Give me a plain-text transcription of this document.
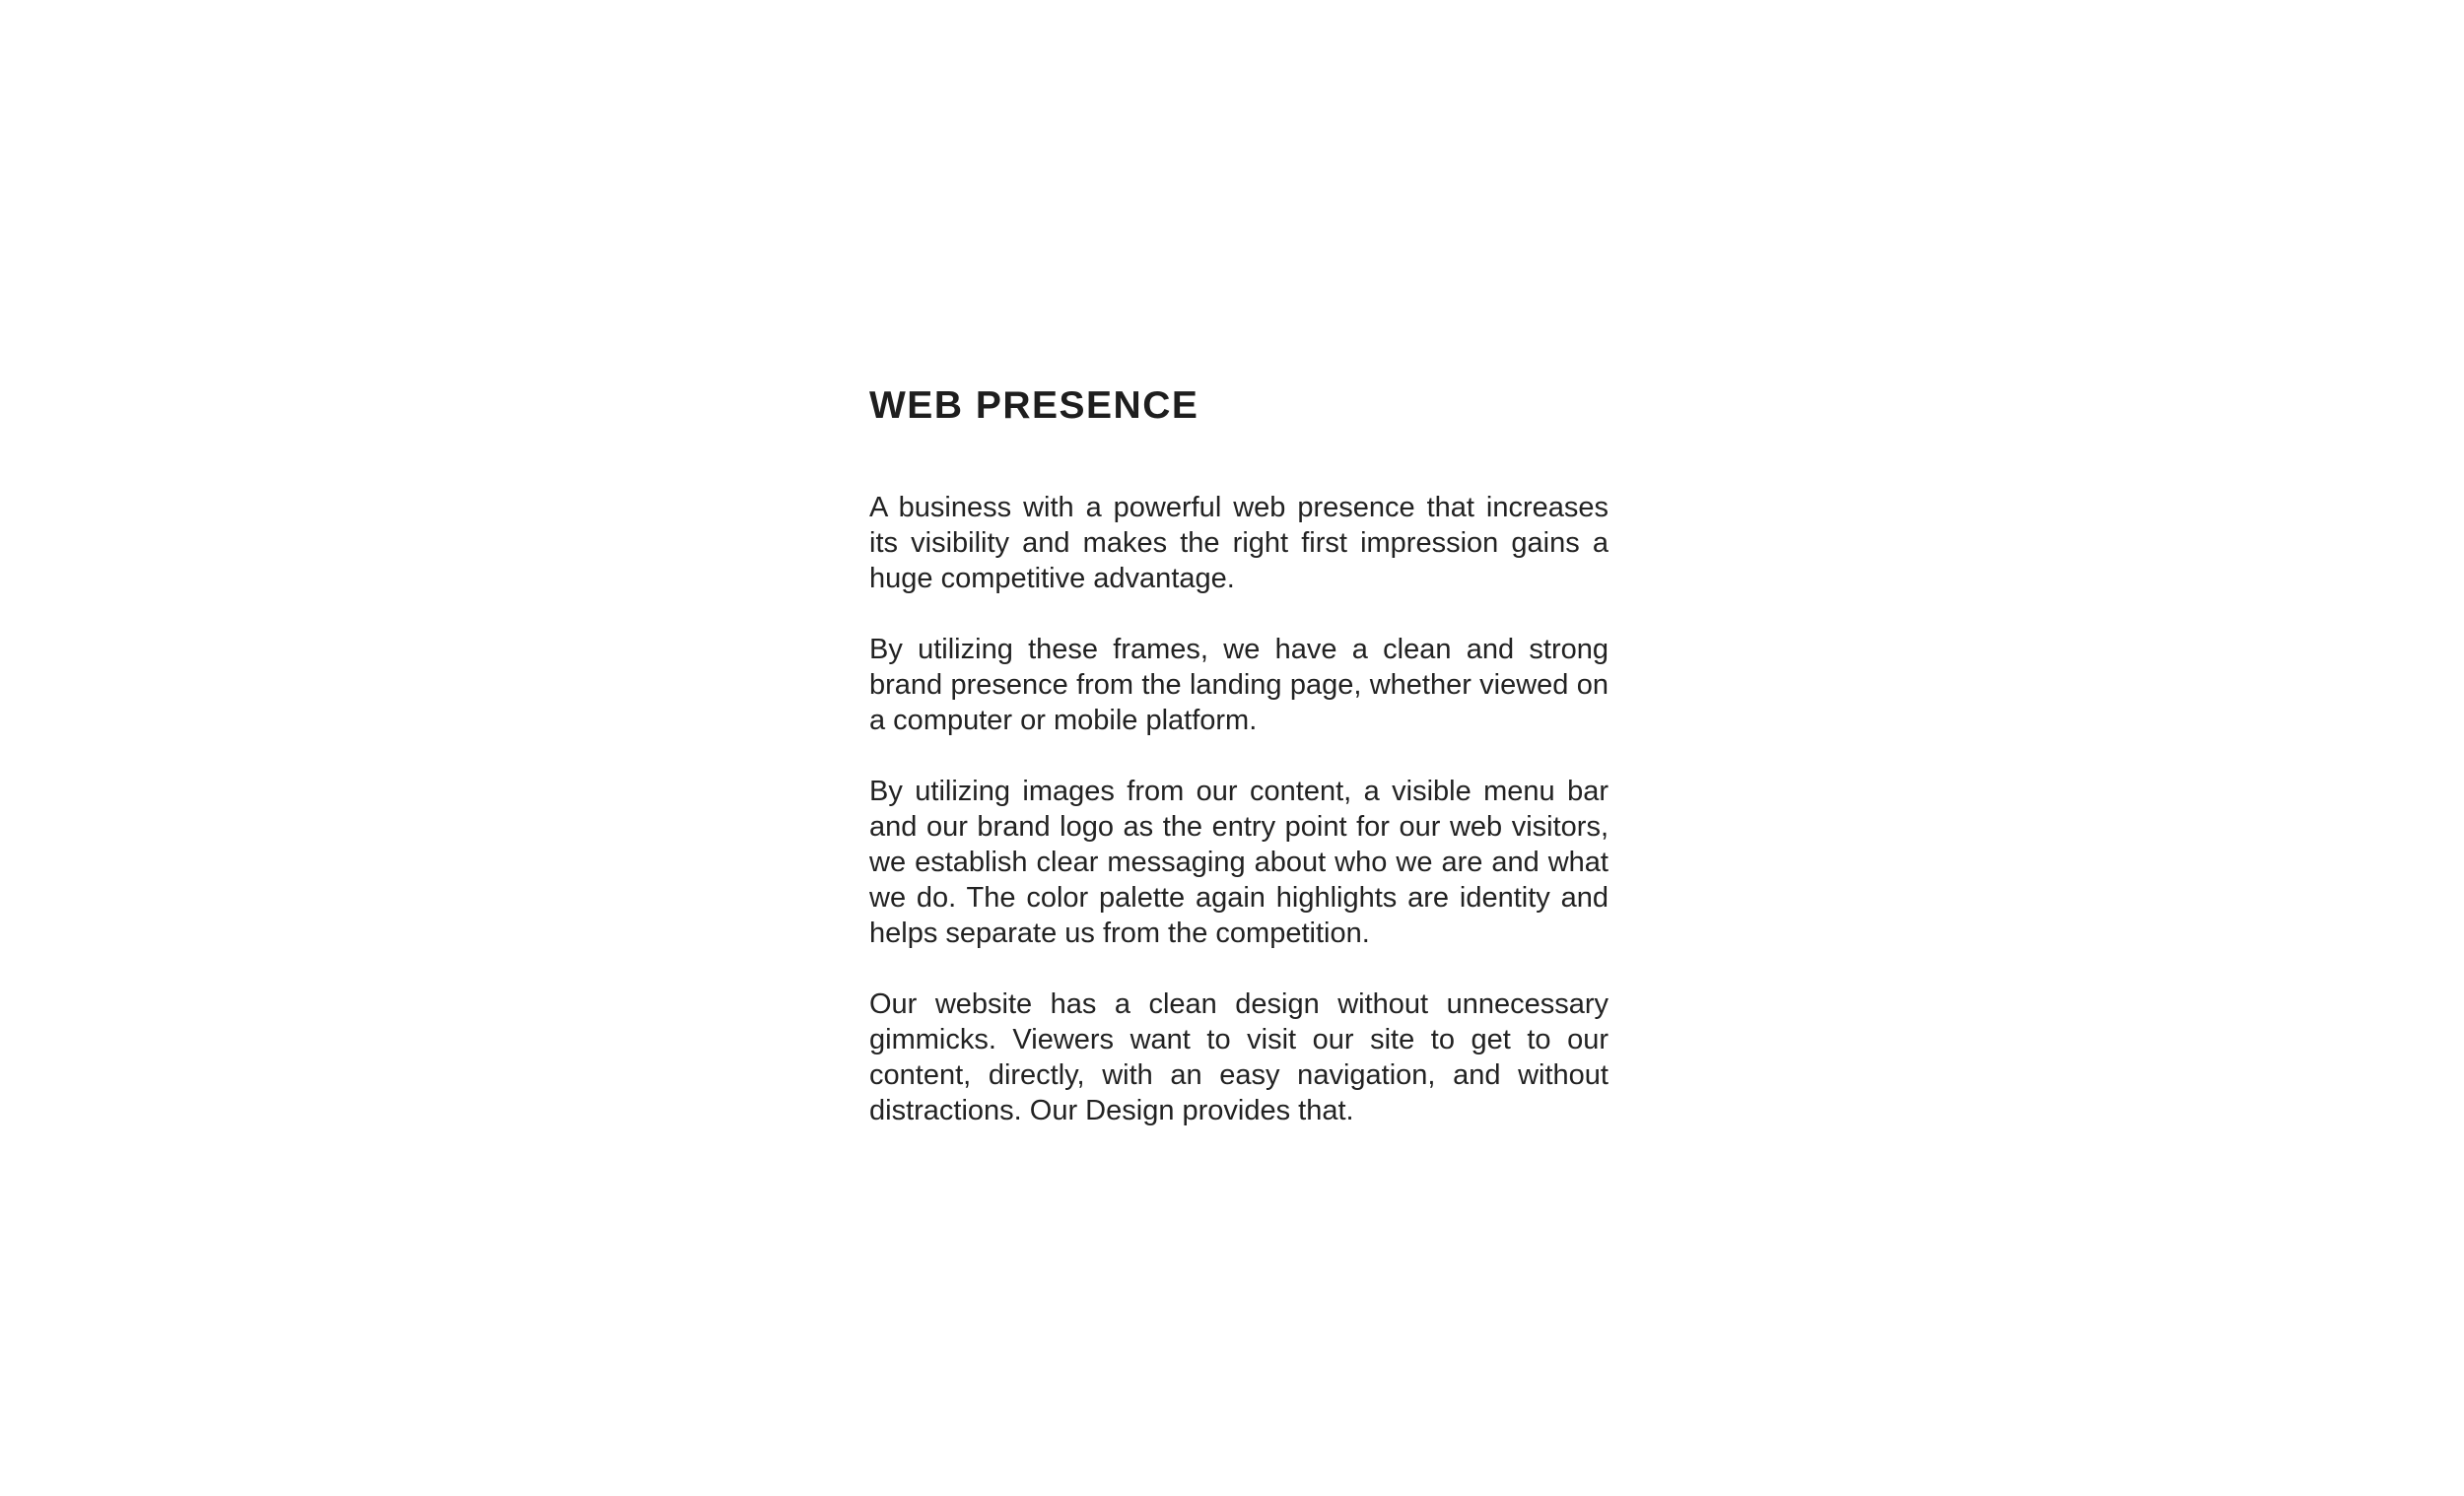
WEB PRESENCE

A business with a powerful web presence that increases its visibility and makes the right first impression gains a huge competitive advantage.

By utilizing these frames, we have a clean and strong brand presence from the landing page, whether viewed on a computer or mobile platform.

By utilizing images from our content, a visible menu bar and our brand logo as the entry point for our web visitors, we establish clear messaging about who we are and what we do. The color palette again highlights are identity and helps separate us from the competition.

Our website has a clean design without unnecessary gimmicks. Viewers want to visit our site to get to our content, directly, with an easy navigation, and without distractions. Our Design provides that.
